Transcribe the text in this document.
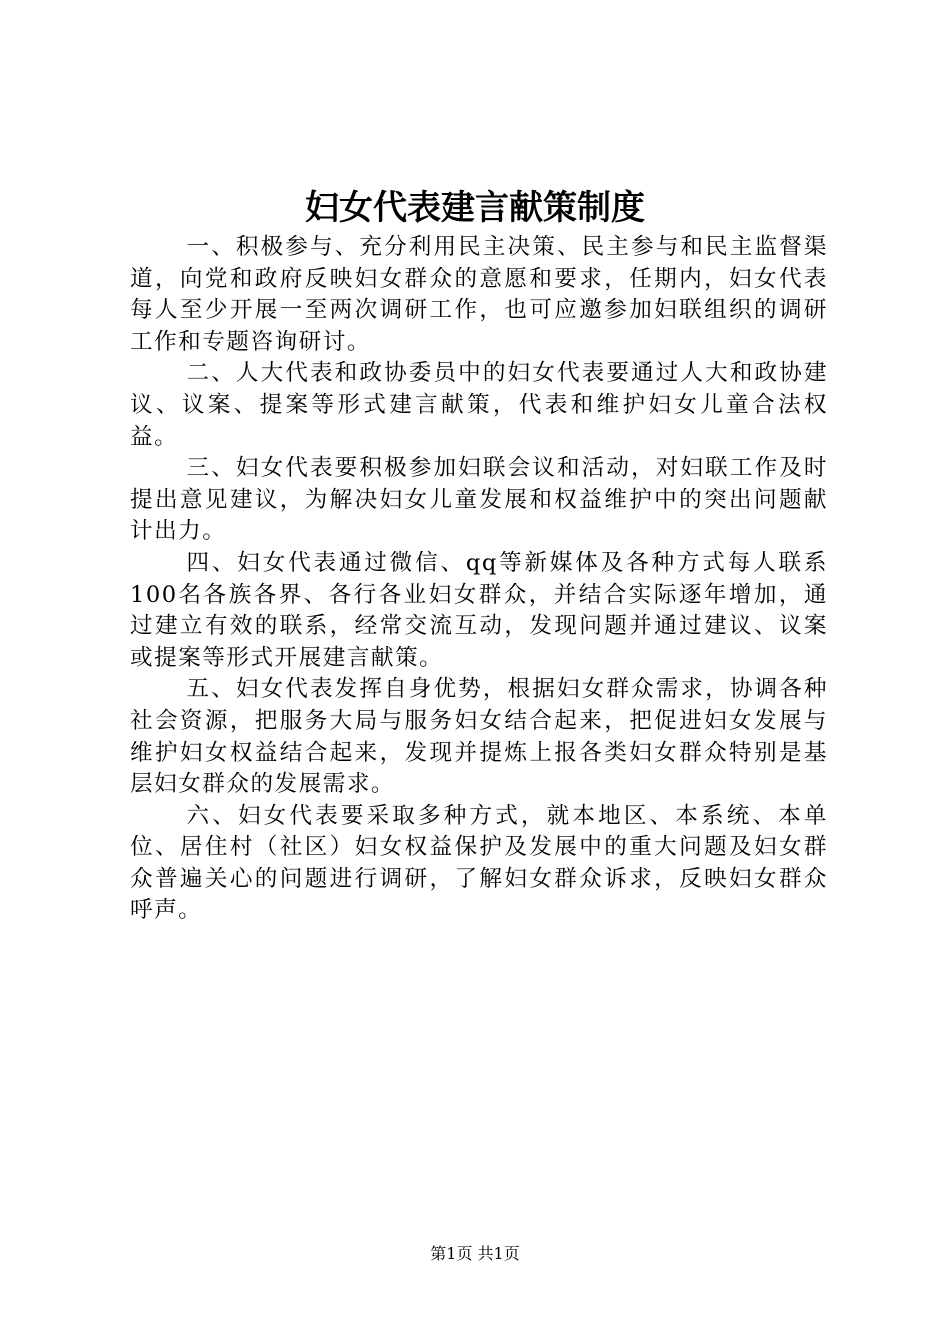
妇女代表建言献策制度

一、积极参与、充分利用民主决策、民主参与和民主监督渠道，向党和政府反映妇女群众的意愿和要求，任期内，妇女代表每人至少开展一至两次调研工作，也可应邀参加妇联组织的调研工作和专题咨询研讨。

二、人大代表和政协委员中的妇女代表要通过人大和政协建议、议案、提案等形式建言献策，代表和维护妇女儿童合法权益。

三、妇女代表要积极参加妇联会议和活动，对妇联工作及时提出意见建议，为解决妇女儿童发展和权益维护中的突出问题献计出力。

四、妇女代表通过微信、qq等新媒体及各种方式每人联系100名各族各界、各行各业妇女群众，并结合实际逐年增加，通过建立有效的联系，经常交流互动，发现问题并通过建议、议案或提案等形式开展建言献策。

五、妇女代表发挥自身优势，根据妇女群众需求，协调各种社会资源，把服务大局与服务妇女结合起来，把促进妇女发展与维护妇女权益结合起来，发现并提炼上报各类妇女群众特别是基层妇女群众的发展需求。

六、妇女代表要采取多种方式，就本地区、本系统、本单位、居住村（社区）妇女权益保护及发展中的重大问题及妇女群众普遍关心的问题进行调研，了解妇女群众诉求，反映妇女群众呼声。

第1页 共1页
